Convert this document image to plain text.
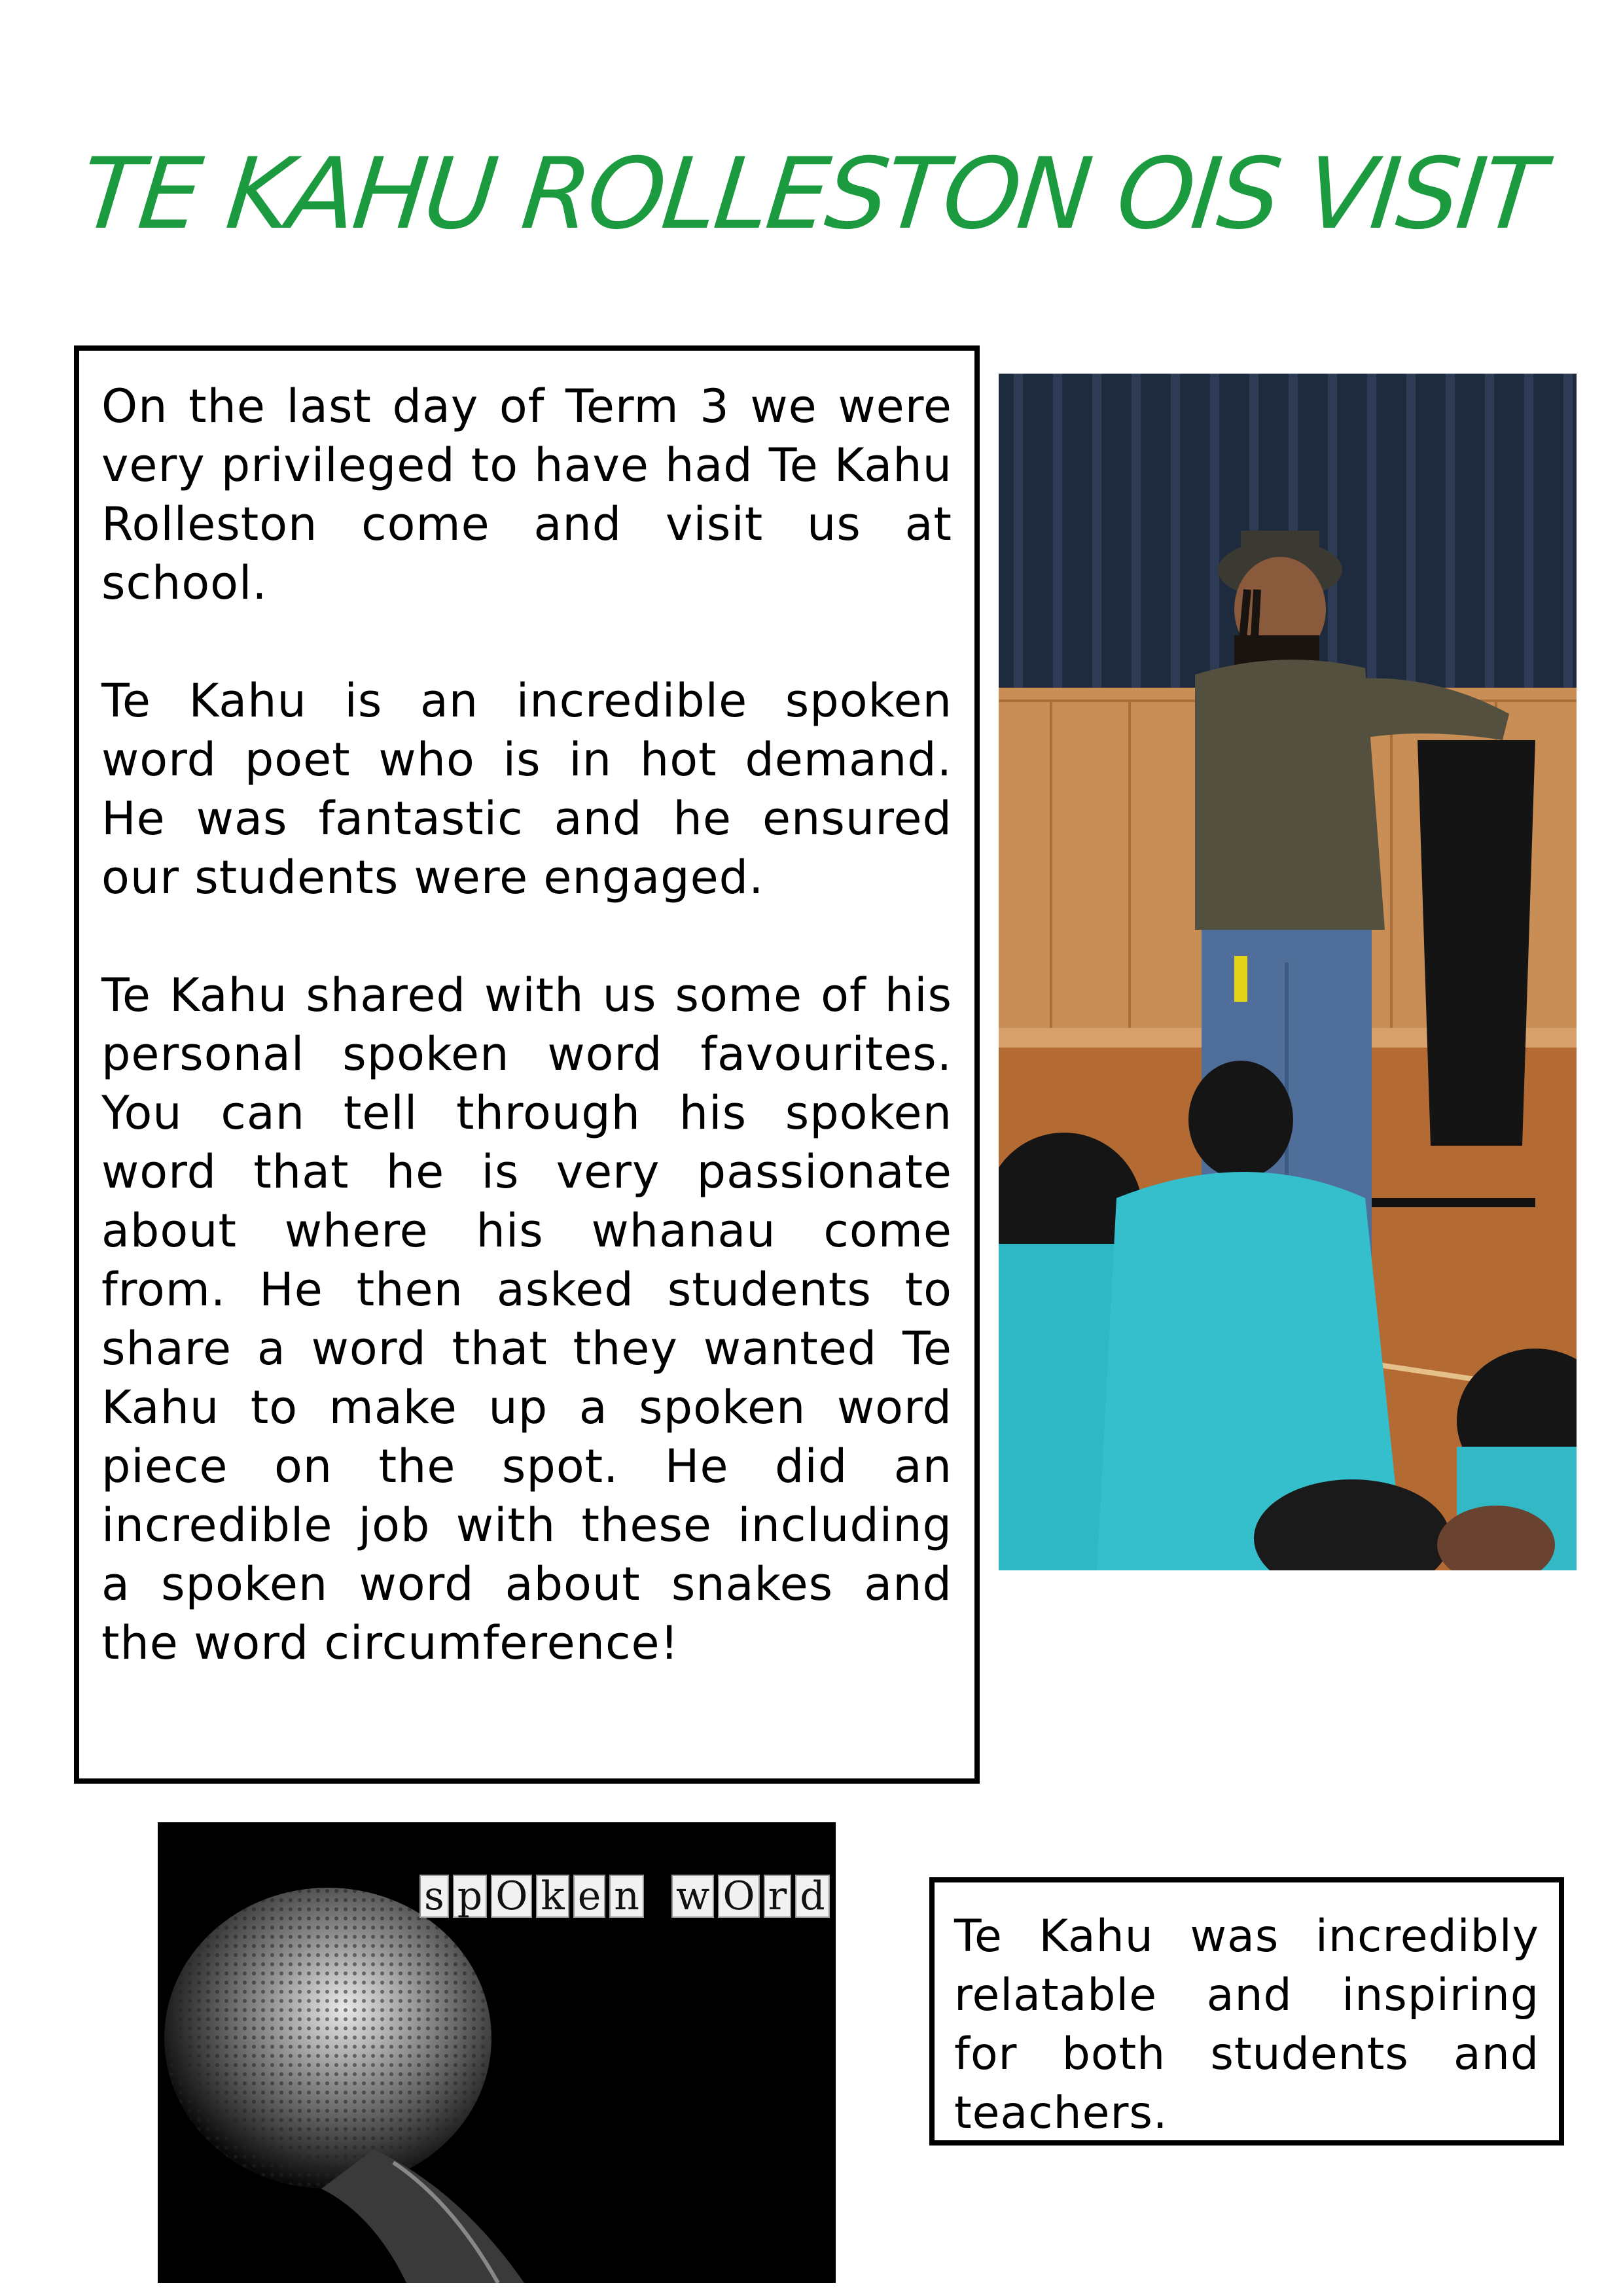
TE KAHU ROLLESTON OIS VISIT

On the last day of Term 3 we were very privileged to have had Te Kahu Rolleston come and visit us at school.

Te Kahu is an incredible spoken word poet who is in hot demand. He was fantastic and he ensured our students were engaged.

Te Kahu shared with us some of his personal spoken word favourites. You can tell through his spoken word that he is very passionate about where his whanau come from. He then asked students to share a word that they wanted Te Kahu to make up a spoken word piece on the spot. He did an incredible job with these including a spoken word about snakes and the word circumference!

s p O k e n w O r d

Te Kahu was incredibly relatable and inspiring for both students and teachers.
